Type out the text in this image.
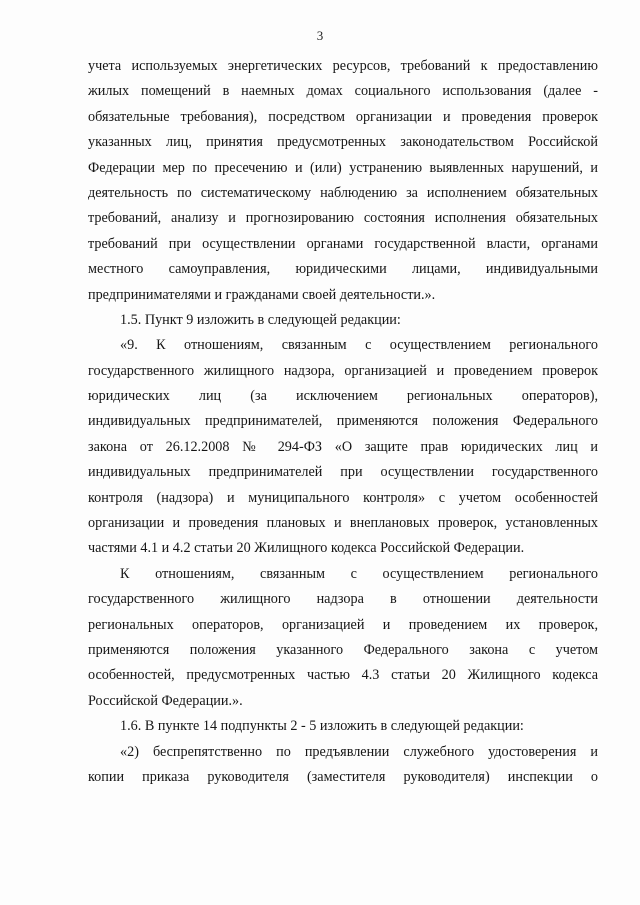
3
учета используемых энергетических ресурсов, требований к предоставлению
жилых помещений в наемных домах социального использования (далее -
обязательные требования), посредством организации и проведения проверок
указанных лиц, принятия предусмотренных законодательством Российской
Федерации мер по пресечению и (или) устранению выявленных нарушений, и
деятельность по систематическому наблюдению за исполнением обязательных
требований, анализу и прогнозированию состояния исполнения обязательных
требований при осуществлении органами государственной власти, органами
местного самоуправления, юридическими лицами, индивидуальными
предпринимателями и гражданами своей деятельности.».
1.5. Пункт 9 изложить в следующей редакции:
«9. К отношениям, связанным с осуществлением регионального
государственного жилищного надзора, организацией и проведением проверок
юридических лиц (за исключением региональных операторов),
индивидуальных предпринимателей, применяются положения Федерального
закона от 26.12.2008 № 294-ФЗ «О защите прав юридических лиц и
индивидуальных предпринимателей при осуществлении государственного
контроля (надзора) и муниципального контроля» с учетом особенностей
организации и проведения плановых и внеплановых проверок, установленных
частями 4.1 и 4.2 статьи 20 Жилищного кодекса Российской Федерации.
К отношениям, связанным с осуществлением регионального
государственного жилищного надзора в отношении деятельности
региональных операторов, организацией и проведением их проверок,
применяются положения указанного Федерального закона с учетом
особенностей, предусмотренных частью 4.3 статьи 20 Жилищного кодекса
Российской Федерации.».
1.6. В пункте 14 подпункты 2 - 5 изложить в следующей редакции:
«2) беспрепятственно по предъявлении служебного удостоверения и
копии приказа руководителя (заместителя руководителя) инспекции о
